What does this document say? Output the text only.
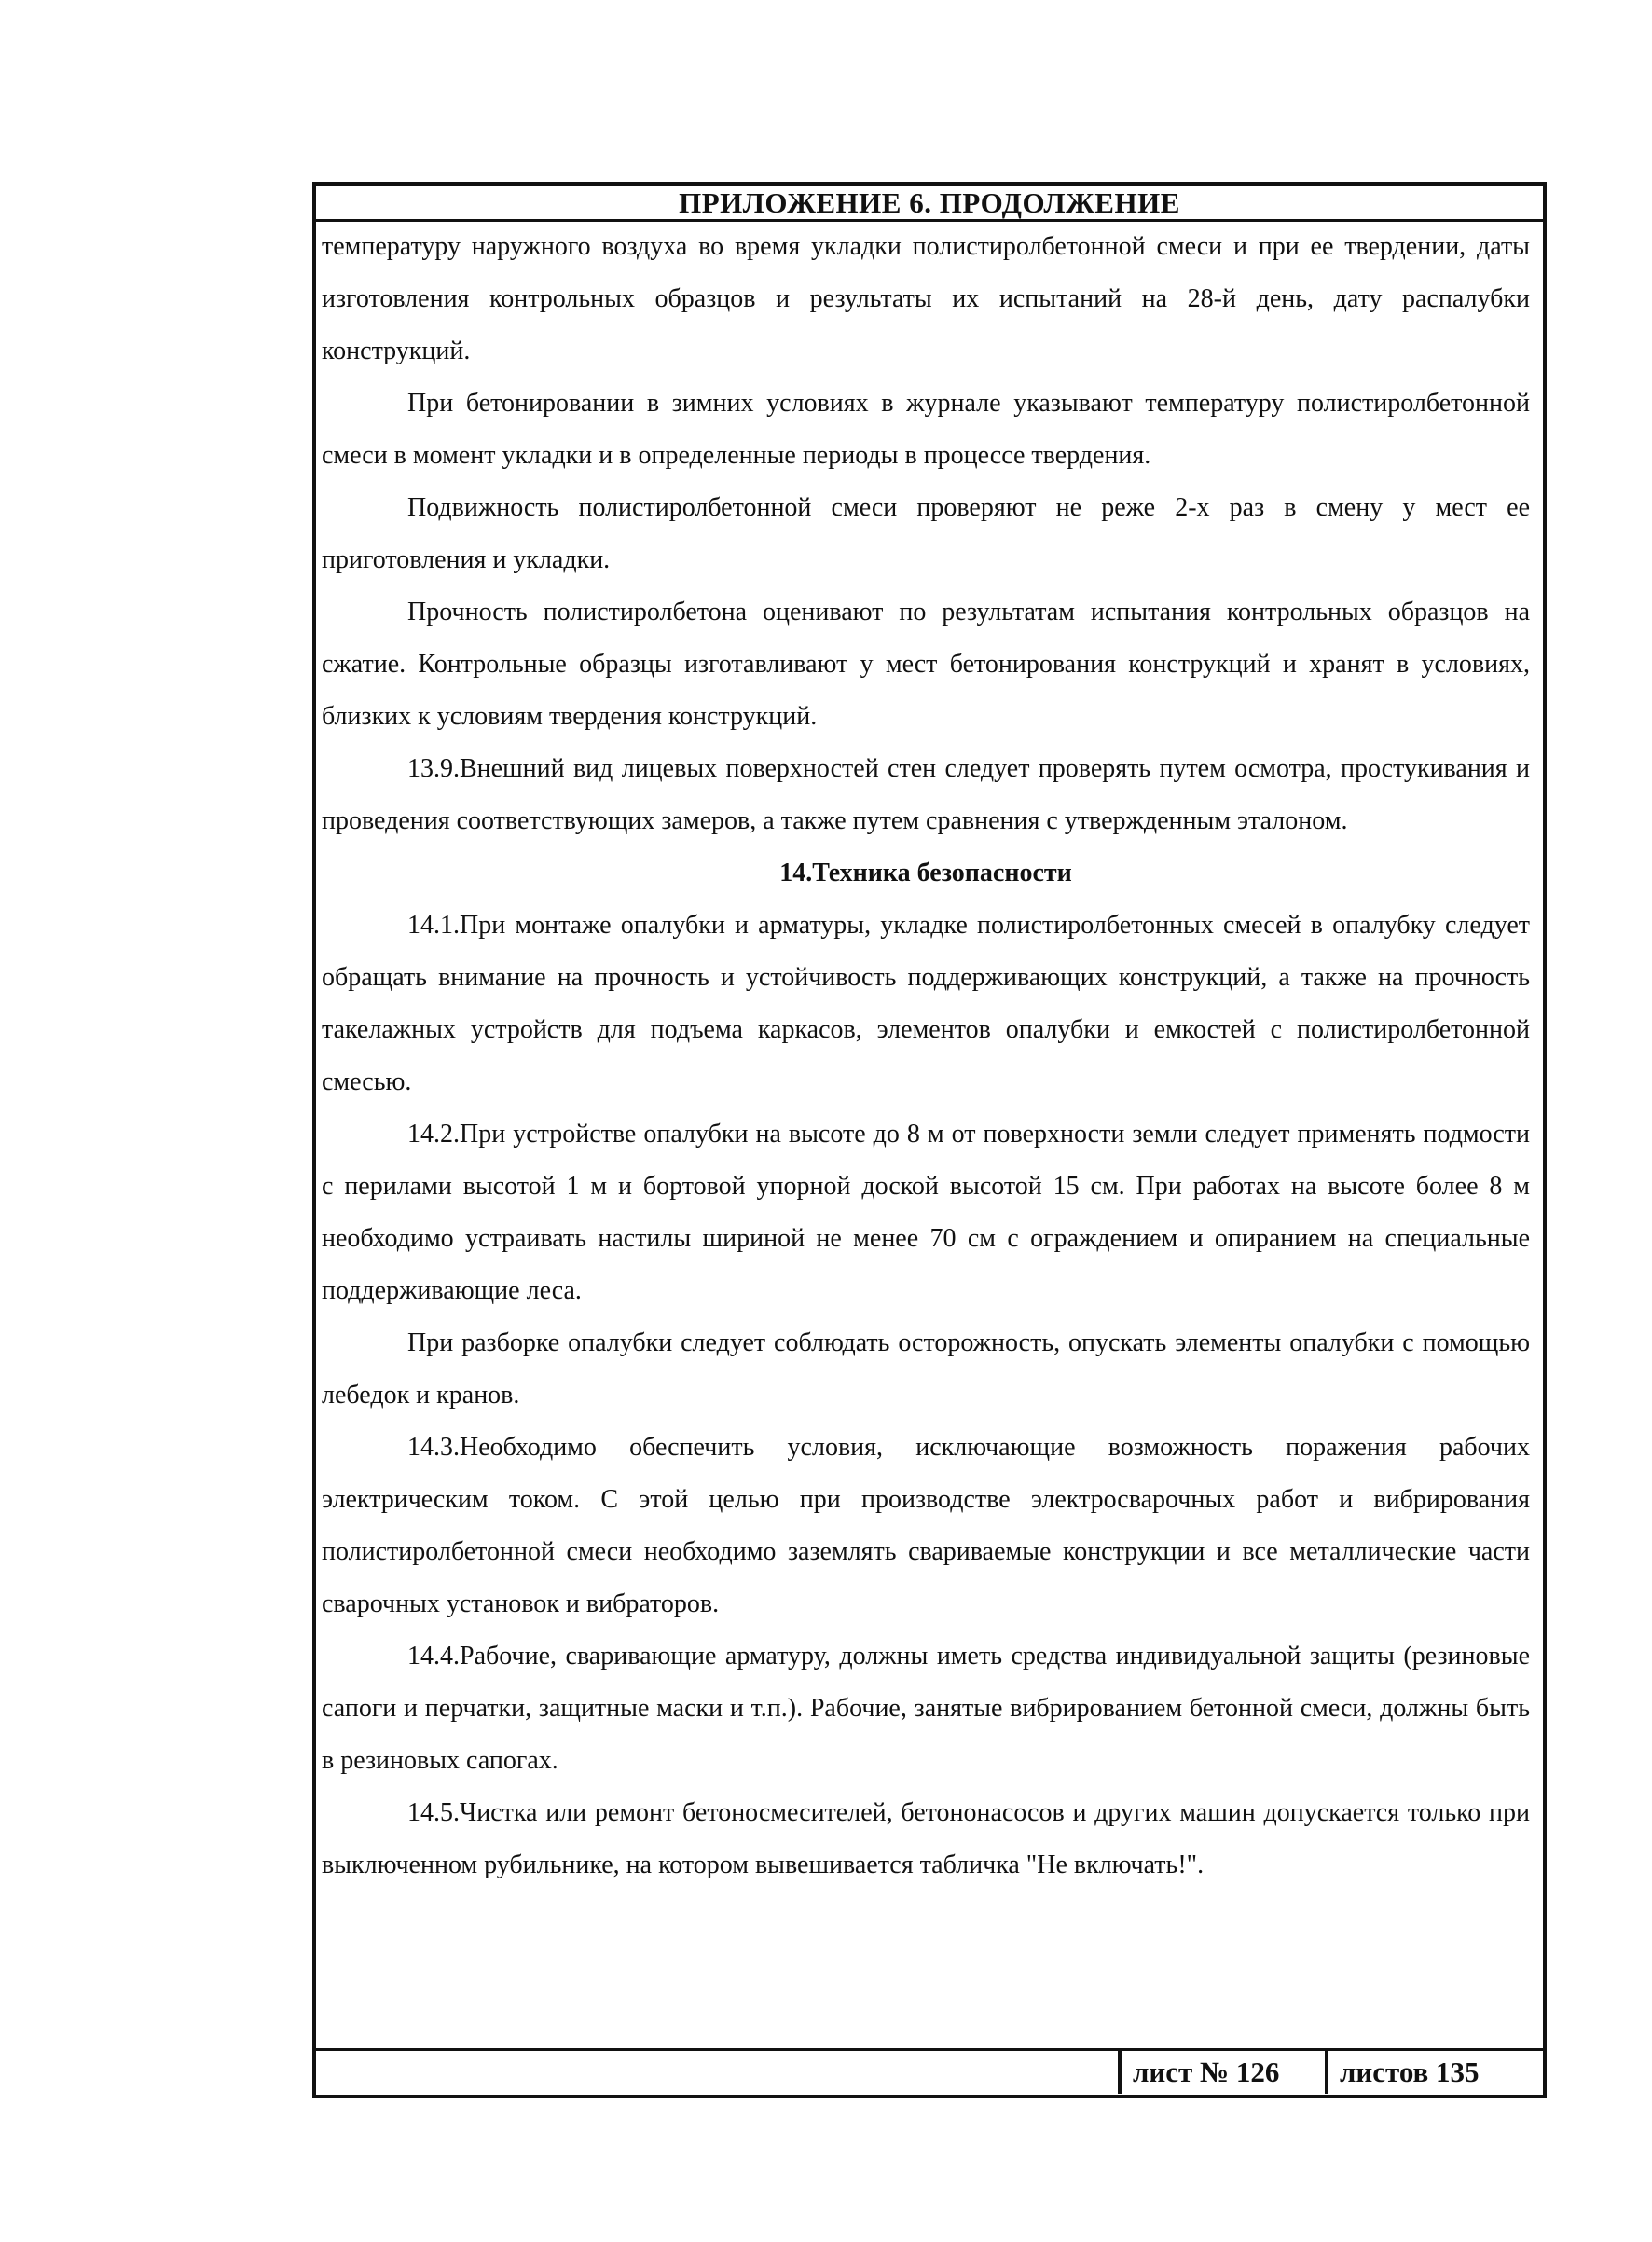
ПРИЛОЖЕНИЕ 6. ПРОДОЛЖЕНИЕ

температуру наружного воздуха во время укладки полистиролбетонной смеси и при ее твердении, даты изготовления контрольных образцов и результаты их испытаний на 28-й день, дату распалубки конструкций.

При бетонировании в зимних условиях в журнале указывают температуру полистиролбетонной смеси в момент укладки и в определенные периоды в процессе твердения.

Подвижность полистиролбетонной смеси проверяют не реже 2-х раз в смену у мест ее приготовления и укладки.

Прочность полистиролбетона оценивают по результатам испытания контрольных образцов на сжатие. Контрольные образцы изготавливают у мест бетонирования конструкций и хранят в условиях, близких к условиям твердения конструкций.

13.9.Внешний вид лицевых поверхностей стен следует проверять путем осмотра, простукивания и проведения соответствующих замеров, а также путем сравнения с утвержденным эталоном.

14.Техника безопасности

14.1.При монтаже опалубки и арматуры, укладке полистиролбетонных смесей в опалубку следует обращать внимание на прочность и устойчивость поддерживающих конструкций, а также на прочность такелажных устройств для подъема каркасов, элементов опалубки и емкостей с полистиролбетонной смесью.

14.2.При устройстве опалубки на высоте до 8 м от поверхности земли следует применять подмости с перилами высотой 1 м и бортовой упорной доской высотой 15 см. При работах на высоте более 8 м необходимо устраивать настилы шириной не менее 70 см с ограждением и опиранием на специальные поддерживающие леса.

При разборке опалубки следует соблюдать осторожность, опускать элементы опалубки с помощью лебедок и кранов.

14.3.Необходимо обеспечить условия, исключающие возможность поражения рабочих электрическим током. С этой целью при производстве электросварочных работ и вибрирования полистиролбетонной смеси необходимо заземлять свариваемые конструкции и все металлические части сварочных установок и вибраторов.

14.4.Рабочие, сваривающие арматуру, должны иметь средства индивидуальной защиты (резиновые сапоги и перчатки, защитные маски и т.п.). Рабочие, занятые вибрированием бетонной смеси, должны быть в резиновых сапогах.

14.5.Чистка или ремонт бетоносмесителей, бетононасосов и других машин допускается только при выключенном рубильнике, на котором вывешивается табличка "Не включать!".

лист № 126	листов 135
